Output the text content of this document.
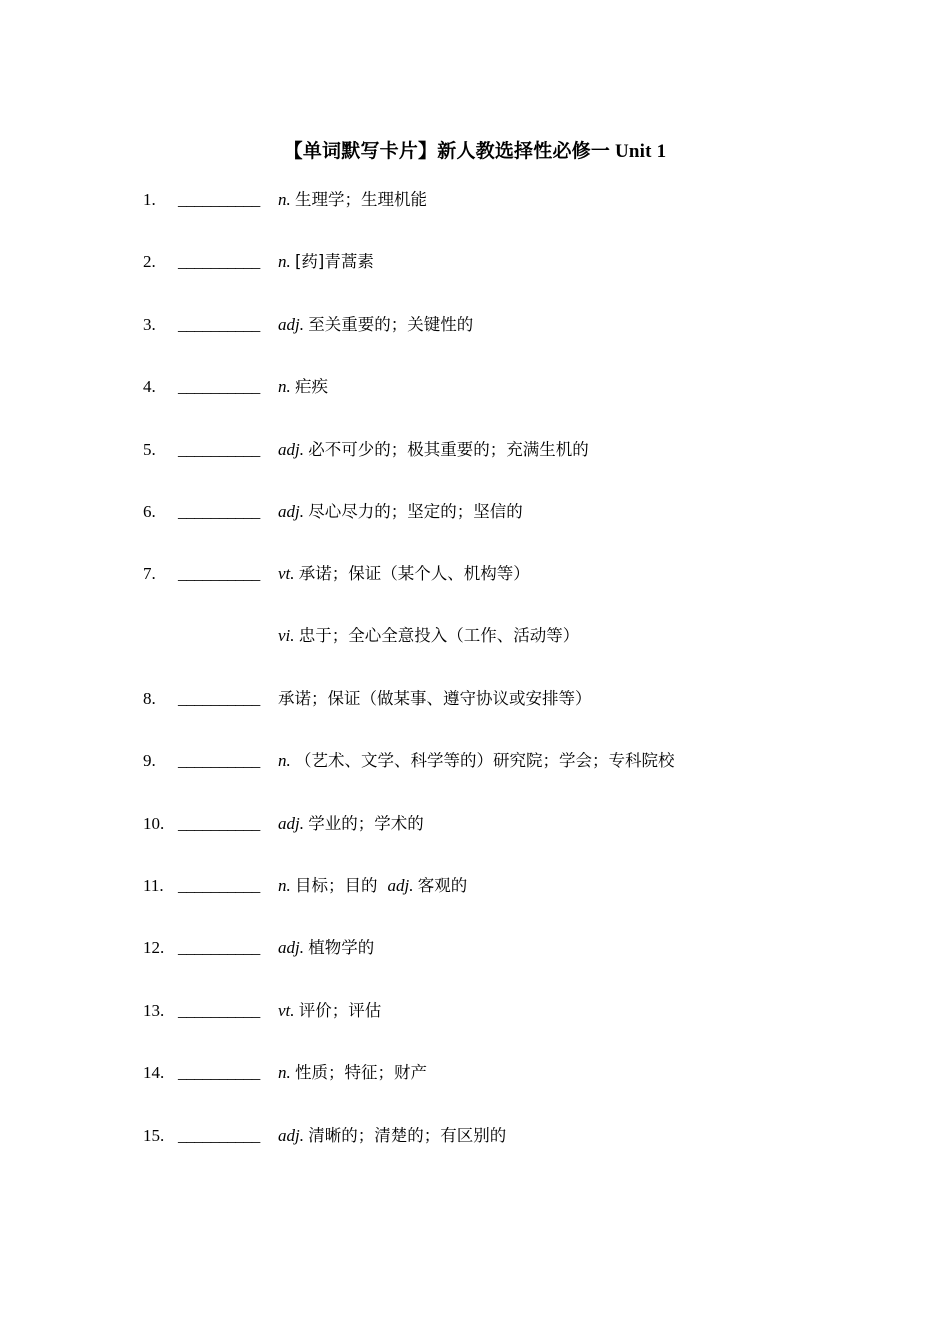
【单词默写卡片】新人教选择性必修一 Unit 1
1. __________ n. 生理学；生理机能
2. __________ n. [药]青蒿素
3. __________ adj. 至关重要的；关键性的
4. __________ n. 疟疾
5. __________ adj. 必不可少的；极其重要的；充满生机的
6. __________ adj. 尽心尽力的；坚定的；坚信的
7. __________ vt. 承诺；保证（某个人、机构等）
vi. 忠于；全心全意投入（工作、活动等）
8. __________ 承诺；保证（做某事、遵守协议或安排等）
9. __________ n. （艺术、文学、科学等的）研究院；学会；专科院校
10. __________ adj. 学业的；学术的
11. __________ n. 目标；目的 adj. 客观的
12. __________ adj. 植物学的
13. __________ vt. 评价；评估
14. __________ n. 性质；特征；财产
15. __________ adj. 清晰的；清楚的；有区别的
